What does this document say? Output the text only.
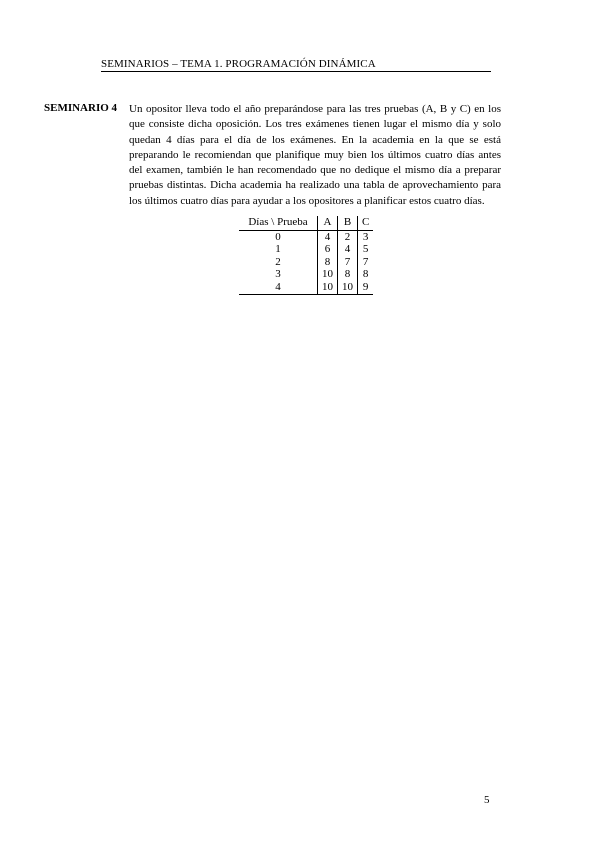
SEMINARIOS – TEMA 1. PROGRAMACIÓN DINÁMICA
SEMINARIO 4 Un opositor lleva todo el año preparándose para las tres pruebas (A, B y C) en los que consiste dicha oposición. Los tres exámenes tienen lugar el mismo día y solo quedan 4 días para el día de los exámenes. En la academia en la que se está preparando le recomiendan que planifique muy bien los últimos cuatro días antes del examen, también le han recomendado que no dedique el mismo día a preparar pruebas distintas. Dicha academia ha realizado una tabla de aprovechamiento para los últimos cuatro días para ayudar a los opositores a planificar estos cuatro días.
Días \ Prueba	A	B	C
0	4	2	3
1	6	4	5
2	8	7	7
3	10	8	8
4	10	10	9
5
